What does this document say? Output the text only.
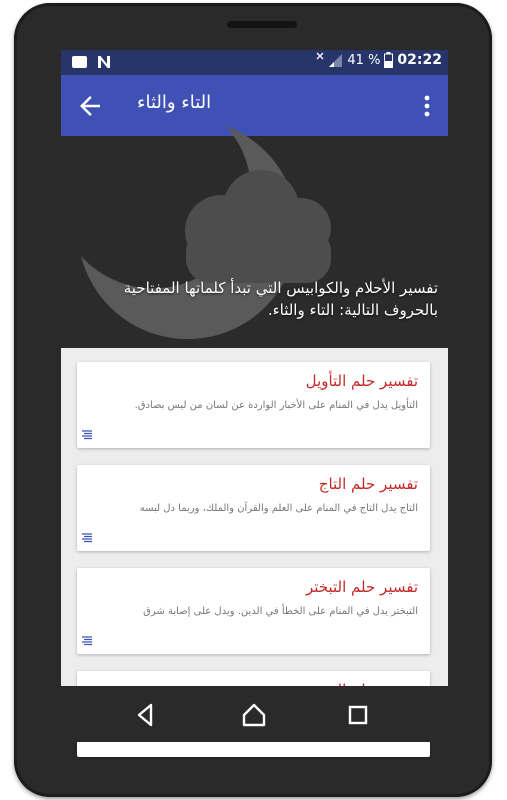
41 % 02:22
التاء والثاء
تفسير الأحلام والكوابيس التي تبدأ كلماتها المفتاحية بالحروف التالية: التاء والثاء.
تفسير حلم التأويل
التأويل يدل في المنام على الأخبار الواردة عن لسان من ليس بصادق.
تفسير حلم التاج
التاج يدل التاج في المنام على العلم والقرآن والملك، وربما دل لبسه
تفسير حلم التبختر
التبختر يدل في المنام على الخطأ في الدين. ويدل على إصابة شرق
